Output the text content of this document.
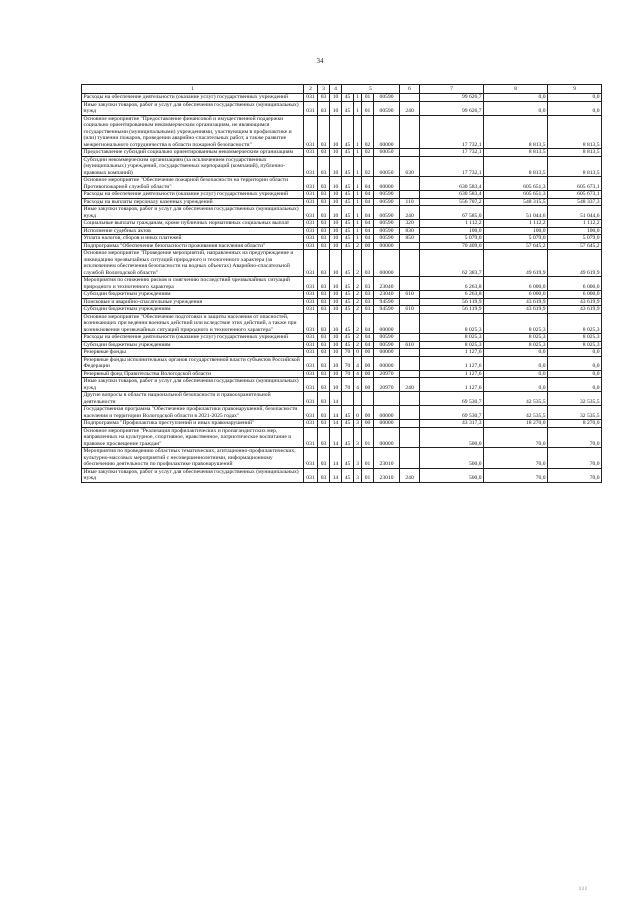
34
1	2	3	4	5				6	7	8	9
Расходы на обеспечение деятельности (оказание услуг) государственных учреждений	031	03	10	45	1	01	00590		99 626,7	0,0	0,0
Иные закупки товаров, работ и услуг для обеспечения государственных (муниципальных) нужд	031	03	10	45	1	01	00590	240	99 626,7	0,0	0,0
Основное мероприятие "Предоставление финансовой и имущественной поддержки социально ориентированным некоммерческим организациям, не являющимся государственными (муниципальными) учреждениями, участвующим в профилактике и (или) тушении пожаров, проведении аварийно-спасательных работ, а также развитие межрегионального сотрудничества в области пожарной безопасности"	031	03	10	45	1	02	00000		17 732,1	8 813,5	8 813,5
Предоставление субсидий социально ориентированным некоммерческим организациям	031	03	10	45	1	02	60050		17 732,1	8 813,5	8 813,5
Субсидии некоммерческим организациям (за исключением государственных (муниципальных) учреждений, государственных корпораций (компаний), публично-правовых компаний)	031	03	10	45	1	02	60050	630	17 732,1	8 813,5	8 813,5
Основное мероприятие "Обеспечение пожарной безопасности на территории области Противопожарной службой области"	031	03	10	45	1	04	00000		630 583,4	605 651,3	605 673,1
Расходы на обеспечение деятельности (оказание услуг) государственных учреждений	031	03	10	45	1	04	00590		630 583,4	605 651,3	605 673,1
Расходы на выплаты персоналу казенных учреждений	031	03	10	45	1	04	00590	110	556 707,2	548 315,5	548 337,3
Иные закупки товаров, работ и услуг для обеспечения государственных (муниципальных) нужд	031	03	10	45	1	04	00590	240	67 585,0	51 044,6	51 044,6
Социальные выплаты гражданам, кроме публичных нормативных социальных выплат	031	03	10	45	1	04	00590	320	1 112,2	1 112,2	1 112,2
Исполнение судебных актов	031	03	10	45	1	04	00590	830	100,0	100,0	100,0
Уплата налогов, сборов и иных платежей	031	03	10	45	1	04	00590	850	5 079,0	5 079,0	5 079,0
Подпрограмма "Обеспечение безопасности проживания населения области"	031	03	10	45	2	00	00000		70 409,0	57 645,2	57 645,2
Основное мероприятие "Проведение мероприятий, направленных на предупреждение и ликвидацию чрезвычайных ситуаций природного и техногенного характера (за исключением обеспечения безопасности на водных объектах) Аварийно-спасательной службой Вологодской области"	031	03	10	45	2	03	00000		62 383,7	49 619,9	49 619,9
Мероприятия по снижению рисков и смягчению последствий чрезвычайных ситуаций природного и техногенного характера	031	03	10	45	2	03	23040		6 263,8	6 000,0	6 000,0
Субсидии бюджетным учреждениям	031	03	10	45	2	03	23040	610	6 263,8	6 000,0	6 000,0
Поисковые и аварийно-спасательные учреждения	031	03	10	45	2	03	94590		56 119,9	43 619,9	43 619,9
Субсидии бюджетным учреждениям	031	03	10	45	2	03	94590	610	56 119,9	43 619,9	43 619,9
Основное мероприятие "Обеспечение подготовки и защиты населения от опасностей, возникающих при ведении военных действий или вследствие этих действий, а также при возникновении чрезвычайных ситуаций природного и техногенного характера"	031	03	10	45	2	04	00000		8 025,3	8 025,3	8 025,3
Расходы на обеспечение деятельности (оказание услуг) государственных учреждений	031	03	10	45	2	04	00590		8 025,3	8 025,3	8 025,3
Субсидии бюджетным учреждениям	031	03	10	45	2	04	00590	610	8 025,3	8 025,3	8 025,3
Резервные фонды	031	03	10	70	0	00	00000		1 127,6	0,0	0,0
Резервные фонды исполнительных органов государственной власти субъектов Российской Федерации	031	03	10	70	4	00	00000		1 127,6	0,0	0,0
Резервный фонд Правительства Вологодской области	031	03	10	70	4	00	20970		1 127,6	0,0	0,0
Иные закупки товаров, работ и услуг для обеспечения государственных (муниципальных) нужд	031	03	10	70	4	00	20970	240	1 127,6	0,0	0,0
Другие вопросы в области национальной безопасности и правоохранительной деятельности	031	03	14						69 530,7	42 535,5	32 535,5
Государственная программа "Обеспечение профилактики правонарушений, безопасности населения и территории Вологодской области в 2021-2025 годах"	031	03	14	45	0	00	00000		69 530,7	42 535,5	32 535,5
Подпрограмма "Профилактика преступлений и иных правонарушений"	031	03	14	45	3	00	00000		43 317,3	18 270,0	8 270,0
Основное мероприятие "Реализация профилактических и пропагандистских мер, направленных на культурное, спортивное, нравственное, патриотическое воспитание и правовое просвещение граждан"	031	03	14	45	3	01	00000		500,0	70,0	70,0
Мероприятия по проведению областных тематических, агитационно-профилактических, культурно-массовых мероприятий с несовершеннолетними, информационному обеспечению деятельности по профилактике правонарушений	031	03	14	45	3	01	23010		500,0	70,0	70,0
Иные закупки товаров, работ и услуг для обеспечения государственных (муниципальных) нужд	031	03	14	45	3	01	23010	240	500,0	70,0	70,0
ııı
